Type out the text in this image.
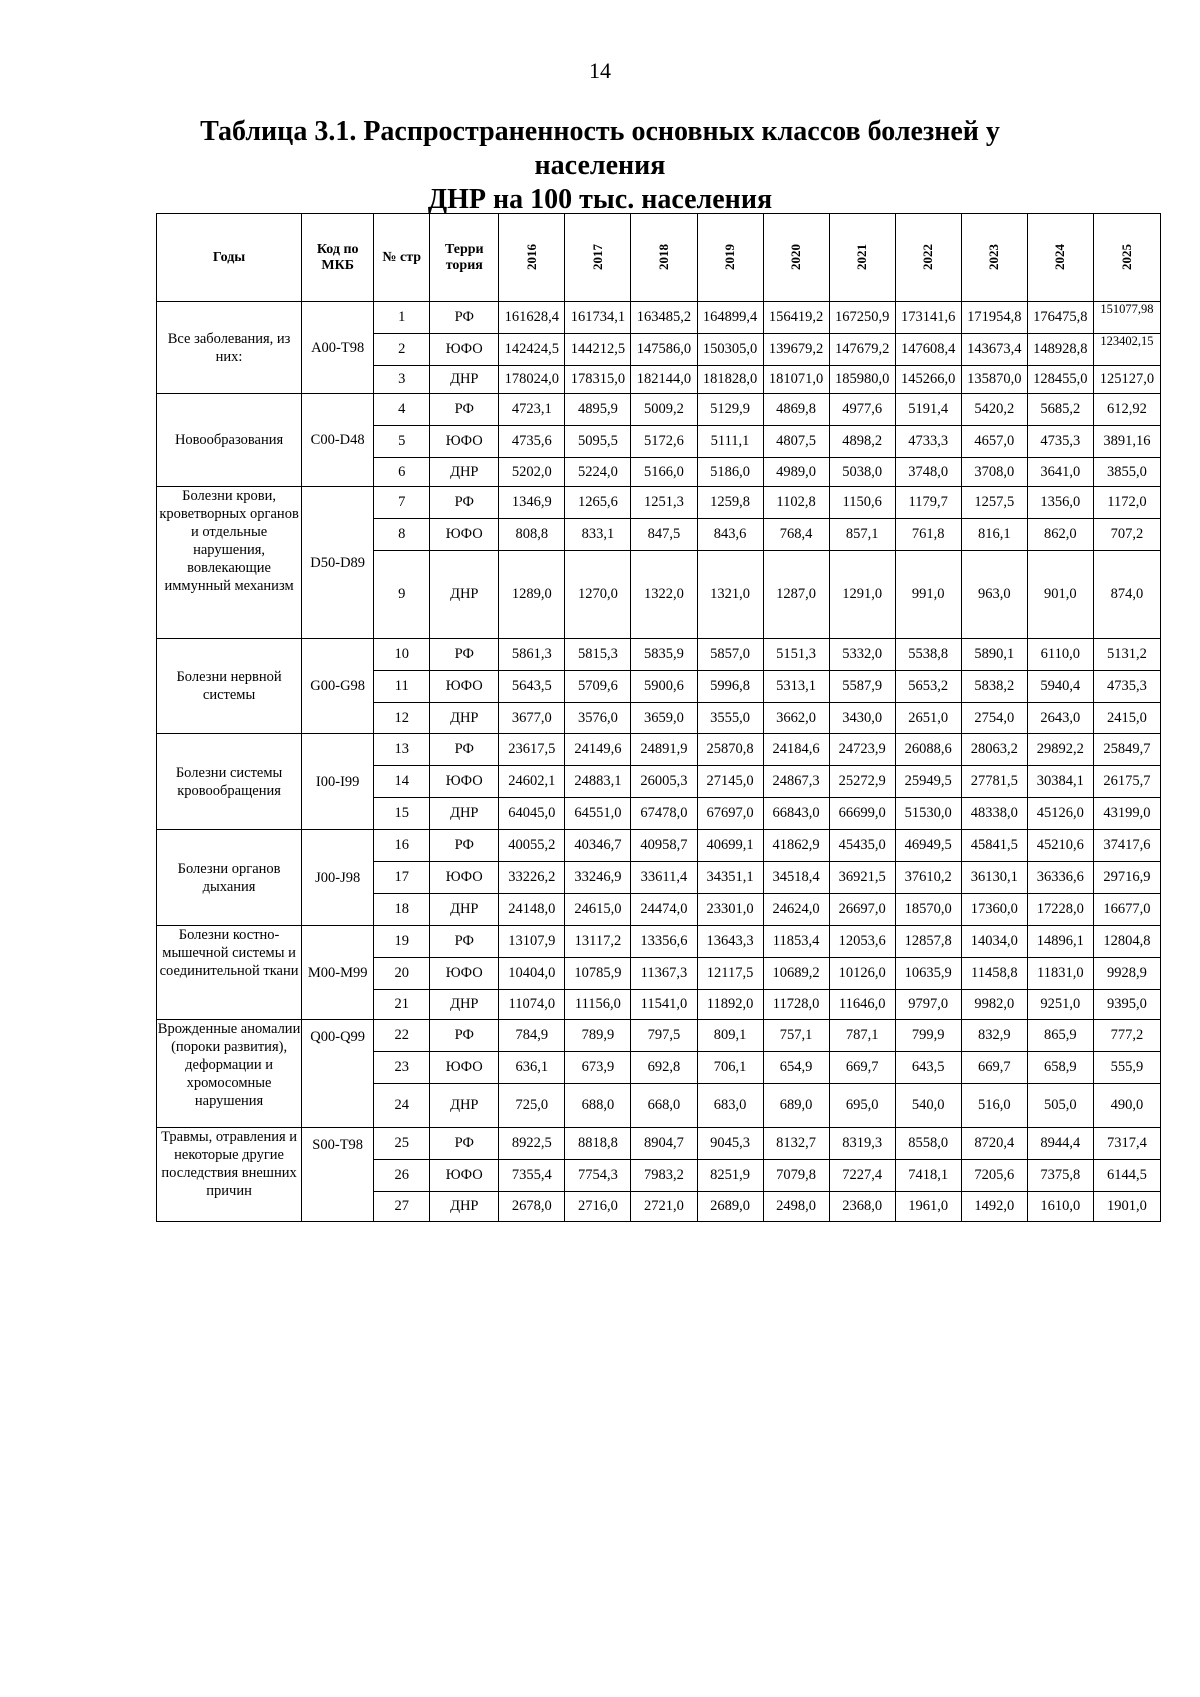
14
Таблица 3.1. Распространенность основных классов болезней у населения
ДНР на 100 тыс. населения
Годы	Код по МКБ	№ стр	Терри тория	2016	2017	2018	2019	2020	2021	2022	2023	2024	2025
Все заболевания, из них:	A00-T98	1	РФ	161628,4	161734,1	163485,2	164899,4	156419,2	167250,9	173141,6	171954,8	176475,8	151077,98
		2	ЮФО	142424,5	144212,5	147586,0	150305,0	139679,2	147679,2	147608,4	143673,4	148928,8	123402,15
		3	ДНР	178024,0	178315,0	182144,0	181828,0	181071,0	185980,0	145266,0	135870,0	128455,0	125127,0
Новообразования	C00-D48	4	РФ	4723,1	4895,9	5009,2	5129,9	4869,8	4977,6	5191,4	5420,2	5685,2	612,92
		5	ЮФО	4735,6	5095,5	5172,6	5111,1	4807,5	4898,2	4733,3	4657,0	4735,3	3891,16
		6	ДНР	5202,0	5224,0	5166,0	5186,0	4989,0	5038,0	3748,0	3708,0	3641,0	3855,0
Болезни крови, кроветворных органов и отдельные нарушения, вовлекающие иммунный механизм	D50-D89	7	РФ	1346,9	1265,6	1251,3	1259,8	1102,8	1150,6	1179,7	1257,5	1356,0	1172,0
		8	ЮФО	808,8	833,1	847,5	843,6	768,4	857,1	761,8	816,1	862,0	707,2
		9	ДНР	1289,0	1270,0	1322,0	1321,0	1287,0	1291,0	991,0	963,0	901,0	874,0
Болезни нервной системы	G00-G98	10	РФ	5861,3	5815,3	5835,9	5857,0	5151,3	5332,0	5538,8	5890,1	6110,0	5131,2
		11	ЮФО	5643,5	5709,6	5900,6	5996,8	5313,1	5587,9	5653,2	5838,2	5940,4	4735,3
		12	ДНР	3677,0	3576,0	3659,0	3555,0	3662,0	3430,0	2651,0	2754,0	2643,0	2415,0
Болезни системы кровообращения	I00-I99	13	РФ	23617,5	24149,6	24891,9	25870,8	24184,6	24723,9	26088,6	28063,2	29892,2	25849,7
		14	ЮФО	24602,1	24883,1	26005,3	27145,0	24867,3	25272,9	25949,5	27781,5	30384,1	26175,7
		15	ДНР	64045,0	64551,0	67478,0	67697,0	66843,0	66699,0	51530,0	48338,0	45126,0	43199,0
Болезни органов дыхания	J00-J98	16	РФ	40055,2	40346,7	40958,7	40699,1	41862,9	45435,0	46949,5	45841,5	45210,6	37417,6
		17	ЮФО	33226,2	33246,9	33611,4	34351,1	34518,4	36921,5	37610,2	36130,1	36336,6	29716,9
		18	ДНР	24148,0	24615,0	24474,0	23301,0	24624,0	26697,0	18570,0	17360,0	17228,0	16677,0
Болезни костно-мышечной системы и соединительной ткани	M00-M99	19	РФ	13107,9	13117,2	13356,6	13643,3	11853,4	12053,6	12857,8	14034,0	14896,1	12804,8
		20	ЮФО	10404,0	10785,9	11367,3	12117,5	10689,2	10126,0	10635,9	11458,8	11831,0	9928,9
		21	ДНР	11074,0	11156,0	11541,0	11892,0	11728,0	11646,0	9797,0	9982,0	9251,0	9395,0
Врожденные аномалии (пороки развития), деформации и хромосомные нарушения	Q00-Q99	22	РФ	784,9	789,9	797,5	809,1	757,1	787,1	799,9	832,9	865,9	777,2
		23	ЮФО	636,1	673,9	692,8	706,1	654,9	669,7	643,5	669,7	658,9	555,9
		24	ДНР	725,0	688,0	668,0	683,0	689,0	695,0	540,0	516,0	505,0	490,0
Травмы, отравления и некоторые другие последствия внешних причин	S00-T98	25	РФ	8922,5	8818,8	8904,7	9045,3	8132,7	8319,3	8558,0	8720,4	8944,4	7317,4
		26	ЮФО	7355,4	7754,3	7983,2	8251,9	7079,8	7227,4	7418,1	7205,6	7375,8	6144,5
		27	ДНР	2678,0	2716,0	2721,0	2689,0	2498,0	2368,0	1961,0	1492,0	1610,0	1901,0
